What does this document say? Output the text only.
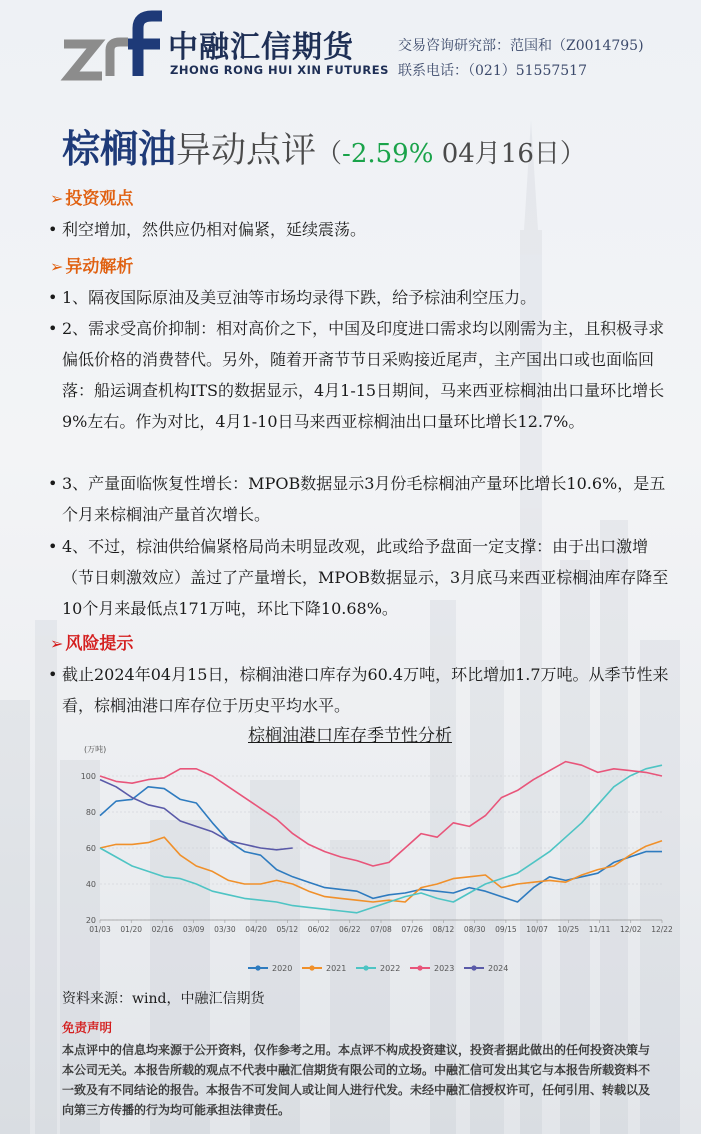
中融汇信期货
ZHONG RONG HUI XIN FUTURES
交易咨询研究部：范国和（Z0014795)
联系电话：（021）51557517
棕榈油异动点评（-2.59% 04月16日）
➢ 投资观点
• 利空增加，然供应仍相对偏紧，延续震荡。
➢ 异动解析
• 1、隔夜国际原油及美豆油等市场均录得下跌，给予棕油利空压力。
• 2、需求受高价抑制：相对高价之下，中国及印度进口需求均以刚需为主，且积极寻求偏低价格的消费替代。另外，随着开斋节节日采购接近尾声，主产国出口或也面临回落：船运调查机构ITS的数据显示，4月1-15日期间，马来西亚棕榈油出口量环比增长9%左右。作为对比，4月1-10日马来西亚棕榈油出口量环比增长12.7%。
• 3、产量面临恢复性增长：MPOB数据显示3月份毛棕榈油产量环比增长10.6%，是五个月来棕榈油产量首次增长。
• 4、不过，棕油供给偏紧格局尚未明显改观，此或给予盘面一定支撑：由于出口激增（节日刺激效应）盖过了产量增长，MPOB数据显示，3月底马来西亚棕榈油库存降至10个月来最低点171万吨，环比下降10.68%。
➢ 风险提示
• 截止2024年04月15日，棕榈油港口库存为60.4万吨，环比增加1.7万吨。从季节性来看，棕榈油港口库存位于历史平均水平。
棕榈油港口库存季节性分析
(万吨)
20
40
60
80
100
01/03 01/20 02/16 03/09 03/30 04/20 05/12 06/02 06/22 07/08 07/26 08/12 08/30 09/15 10/07 10/25 11/11 12/02 12/22
2020	2021	2022	2023	2024
资料来源：wind，中融汇信期货
免责声明
本点评中的信息均来源于公开资料，仅作参考之用。本点评不构成投资建议，投资者据此做出的任何投资决策与本公司无关。本报告所载的观点不代表中融汇信期货有限公司的立场。中融汇信可发出其它与本报告所载资料不一致及有不同结论的报告。本报告不可发间人或让间人进行代发。未经中融汇信授权许可，任何引用、转载以及向第三方传播的行为均可能承担法律责任。
